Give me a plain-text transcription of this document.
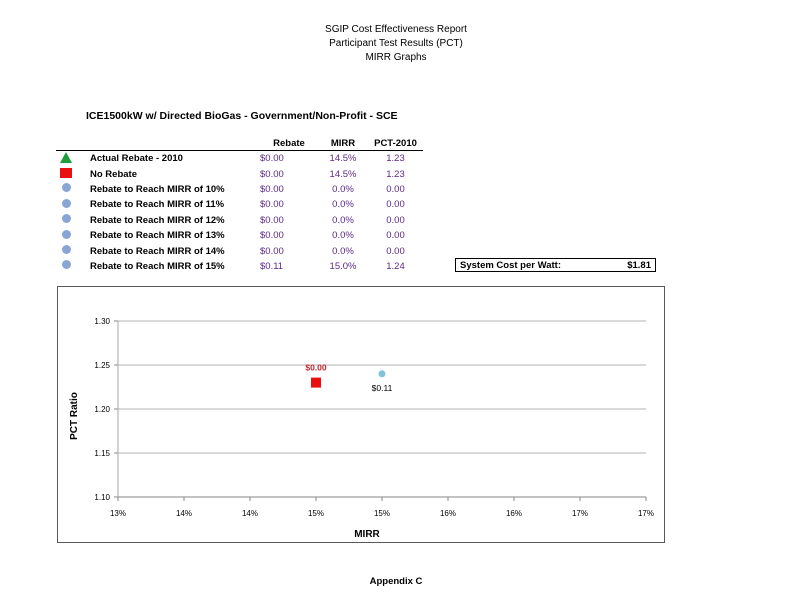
SGIP Cost Effectiveness Report
Participant Test Results (PCT)
MIRR Graphs
ICE1500kW w/ Directed BioGas - Government/Non-Profit - SCE
		Rebate	MIRR	PCT-2010
	Actual Rebate - 2010	$0.00	14.5%	1.23
	No Rebate	$0.00	14.5%	1.23
	Rebate to Reach MIRR of 10%	$0.00	0.0%	0.00
	Rebate to Reach MIRR of 11%	$0.00	0.0%	0.00
	Rebate to Reach MIRR of 12%	$0.00	0.0%	0.00
	Rebate to Reach MIRR of 13%	$0.00	0.0%	0.00
	Rebate to Reach MIRR of 14%	$0.00	0.0%	0.00
	Rebate to Reach MIRR of 15%	$0.11	15.0%	1.24	System Cost per Watt:	$1.81
1.10
1.15
1.20
1.25
1.30
13%	14%	14%	15%	15%	16%	16%	17%	17%
$0.00
$0.11
PCT Ratio
MIRR
Appendix C
